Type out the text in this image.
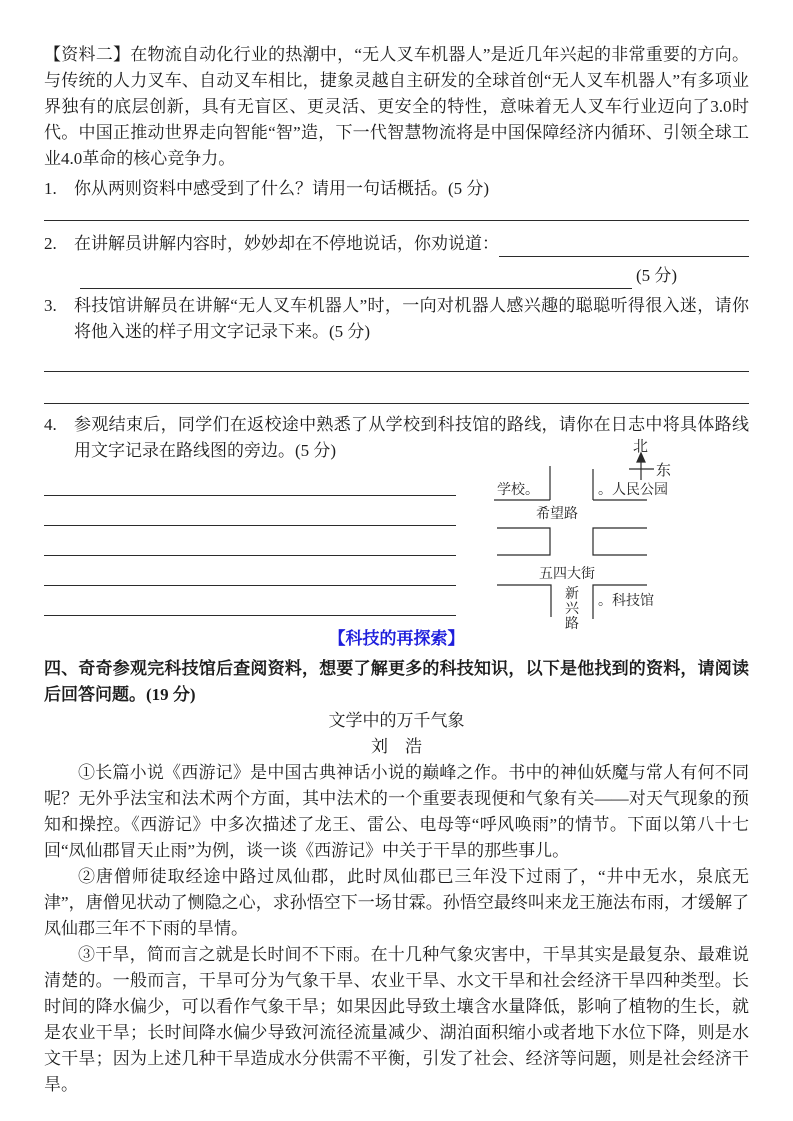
【资料二】在物流自动化行业的热潮中，“无人叉车机器人”是近几年兴起的非常重要的方向。与传统的人力叉车、自动叉车相比，捷象灵越自主研发的全球首创“无人叉车机器人”有多项业界独有的底层创新，具有无盲区、更灵活、更安全的特性，意味着无人叉车行业迈向了3.0时代。中国正推动世界走向智能“智”造，下一代智慧物流将是中国保障经济内循环、引领全球工业4.0革命的核心竞争力。
1.	你从两则资料中感受到了什么？请用一句话概括。(5 分)
2.	在讲解员讲解内容时，妙妙却在不停地说话，你劝说道：
(5 分)
3.	科技馆讲解员在讲解“无人叉车机器人”时，一向对机器人感兴趣的聪聪听得很入迷，请你将他入迷的样子用文字记录下来。(5 分)
4.	参观结束后，同学们在返校途中熟悉了从学校到科技馆的路线，请你在日志中将具体路线用文字记录在路线图的旁边。(5 分)	北
东
学校。	。人民公园
希望路
五四大街
新
兴
路
。科技馆
【科技的再探索】
四、奇奇参观完科技馆后查阅资料，想要了解更多的科技知识，以下是他找到的资料，请阅读后回答问题。(19 分)
文学中的万千气象
刘　浩
①长篇小说《西游记》是中国古典神话小说的巅峰之作。书中的神仙妖魔与常人有何不同呢？无外乎法宝和法术两个方面，其中法术的一个重要表现便和气象有关——对天气现象的预知和操控。《西游记》中多次描述了龙王、雷公、电母等“呼风唤雨”的情节。下面以第八十七回“凤仙郡冒天止雨”为例，谈一谈《西游记》中关于干旱的那些事儿。
②唐僧师徒取经途中路过凤仙郡，此时凤仙郡已三年没下过雨了，“井中无水，泉底无津”，唐僧见状动了恻隐之心，求孙悟空下一场甘霖。孙悟空最终叫来龙王施法布雨，才缓解了凤仙郡三年不下雨的旱情。
③干旱，简而言之就是长时间不下雨。在十几种气象灾害中，干旱其实是最复杂、最难说清楚的。一般而言，干旱可分为气象干旱、农业干旱、水文干旱和社会经济干旱四种类型。长时间的降水偏少，可以看作气象干旱；如果因此导致土壤含水量降低，影响了植物的生长，就是农业干旱；长时间降水偏少导致河流径流量减少、湖泊面积缩小或者地下水位下降，则是水文干旱；因为上述几种干旱造成水分供需不平衡，引发了社会、经济等问题，则是社会经济干旱。
